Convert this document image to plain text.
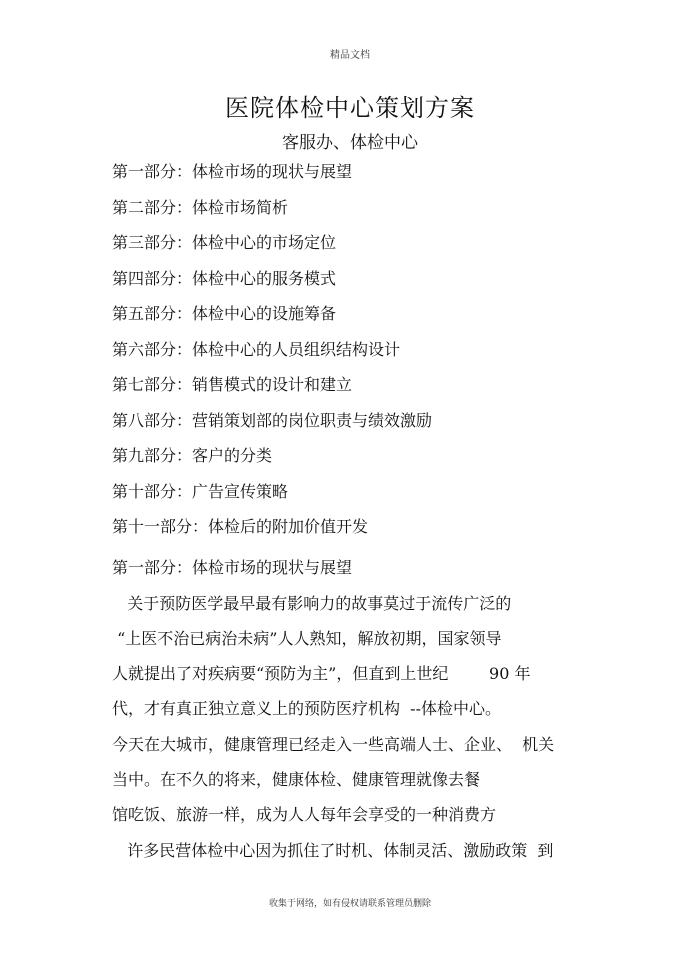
精品文档
医院体检中心策划方案
客服办、体检中心
第一部分：体检市场的现状与展望
第二部分：体检市场简析
第三部分：体检中心的市场定位
第四部分：体检中心的服务模式
第五部分：体检中心的设施筹备
第六部分：体检中心的人员组织结构设计
第七部分：销售模式的设计和建立
第八部分：营销策划部的岗位职责与绩效激励
第九部分：客户的分类
第十部分：广告宣传策略
第十一部分：体检后的附加价值开发
第一部分：体检市场的现状与展望
关于预防医学最早最有影响力的故事莫过于流传广泛的
“上医不治已病治未病”人人熟知，解放初期，国家领导
人就提出了对疾病要“预防为主”，但直到上世纪        90 年
代，才有真正独立意义上的预防医疗机构  --体检中心。
今天在大城市，健康管理已经走入一些高端人士、企业、  机关
当中。在不久的将来，健康体检、健康管理就像去餐
馆吃饭、旅游一样，成为人人每年会享受的一种消费方
许多民营体检中心因为抓住了时机、体制灵活、激励政策  到
收集于网络，如有侵权请联系管理员删除
